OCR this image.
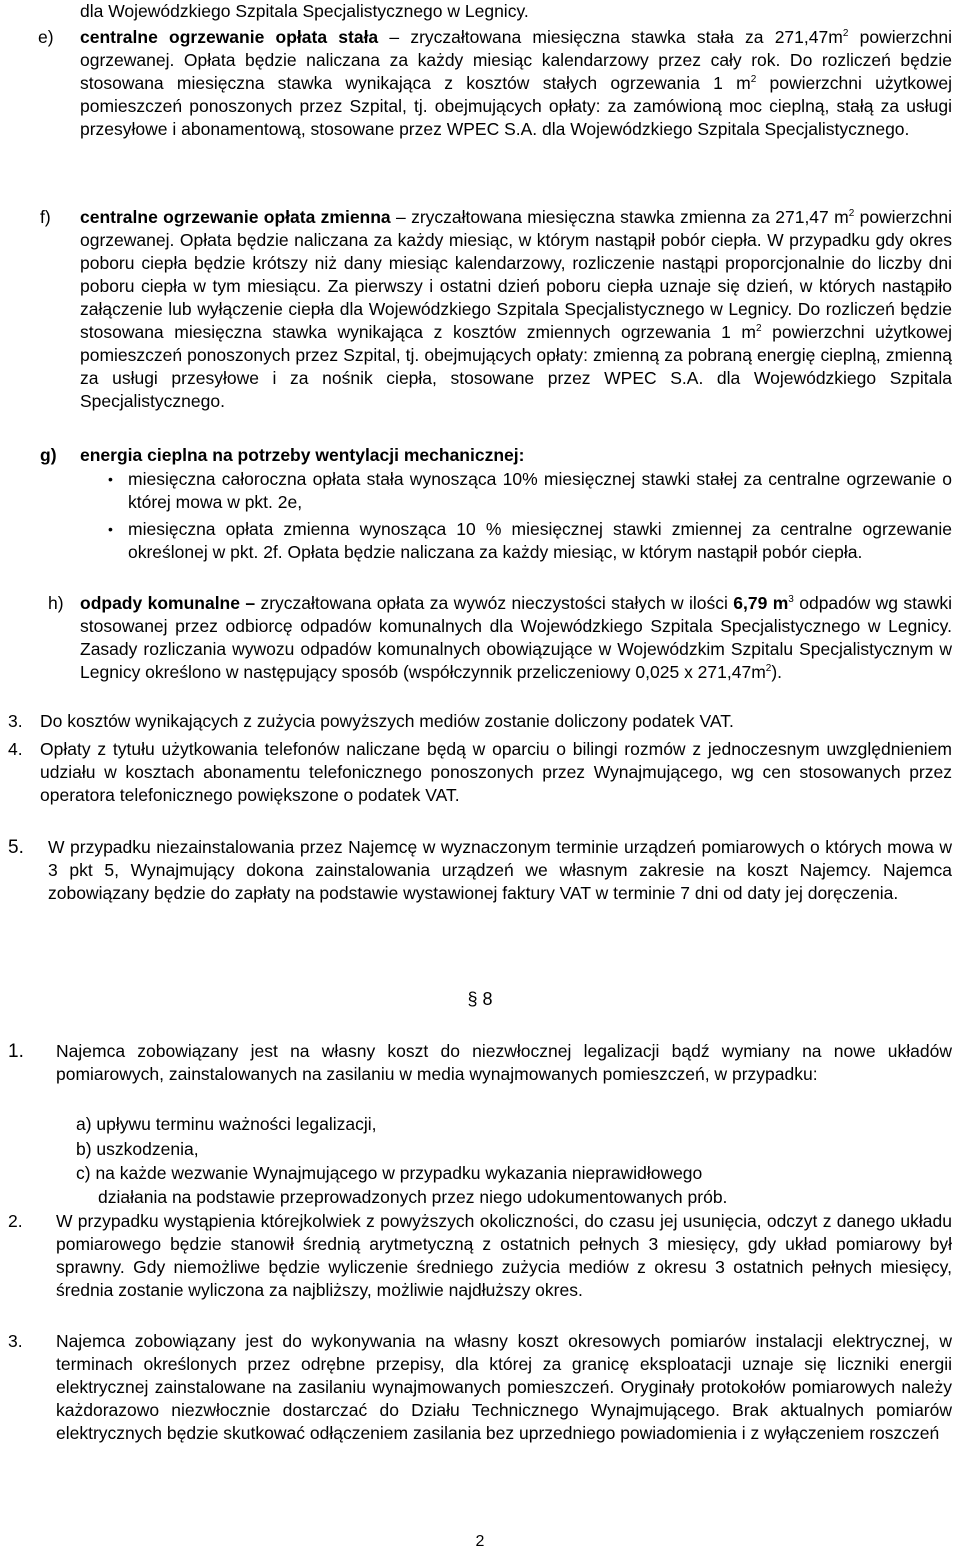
dla Wojewódzkiego Szpitala Specjalistycznego w Legnicy.

e) centralne ogrzewanie opłata stała – zryczałtowana miesięczna stawka stała za $271,47m^2$ powierzchni ogrzewanej. Opłata będzie naliczana za każdy miesiąc kalendarzowy przez cały rok. Do rozliczeń będzie stosowana miesięczna stawka wynikająca z kosztów stałych ogrzewania 1 $m^2$ powierzchni użytkowej pomieszczeń ponoszonych przez Szpital, tj. obejmujących opłaty: za zamówioną moc cieplną, stałą za usługi przesyłowe i abonamentową, stosowane przez WPEC S.A. dla Wojewódzkiego Szpitala Specjalistycznego.

f) centralne ogrzewanie opłata zmienna – zryczałtowana miesięczna stawka zmienna za 271,47 $m^2$ powierzchni ogrzewanej. Opłata będzie naliczana za każdy miesiąc, w którym nastąpił pobór ciepła. W przypadku gdy okres poboru ciepła będzie krótszy niż dany miesiąc kalendarzowy, rozliczenie nastąpi proporcjonalnie do liczby dni poboru ciepła w tym miesiącu. Za pierwszy i ostatni dzień poboru ciepła uznaje się dzień, w których nastąpiło załączenie lub wyłączenie ciepła dla Wojewódzkiego Szpitala Specjalistycznego w Legnicy. Do rozliczeń będzie stosowana miesięczna stawka wynikająca z kosztów zmiennych ogrzewania 1 $m^2$ powierzchni użytkowej pomieszczeń ponoszonych przez Szpital, tj. obejmujących opłaty: zmienną za pobraną energię cieplną, zmienną za usługi przesyłowe i za nośnik ciepła, stosowane przez WPEC S.A. dla Wojewódzkiego Szpitala Specjalistycznego.

g) energia cieplna na potrzeby wentylacji mechanicznej:

• miesięczna całoroczna opłata stała wynosząca 10% miesięcznej stawki stałej za centralne ogrzewanie o której mowa w pkt. 2e,

• miesięczna opłata zmienna wynosząca 10 % miesięcznej stawki zmiennej za centralne ogrzewanie określonej w pkt. 2f. Opłata będzie naliczana za każdy miesiąc, w którym nastąpił pobór ciepła.

h) odpady komunalne – zryczałtowana opłata za wywóz nieczystości stałych w ilości 6,79 $m^3$ odpadów wg stawki stosowanej przez odbiorcę odpadów komunalnych dla Wojewódzkiego Szpitala Specjalistycznego w Legnicy. Zasady rozliczania wywozu odpadów komunalnych obowiązujące w Wojewódzkim Szpitalu Specjalistycznym w Legnicy określono w następujący sposób (współczynnik przeliczeniowy 0,025 x $271,47m^2$).

3. Do kosztów wynikających z zużycia powyższych mediów zostanie doliczony podatek VAT.

4. Opłaty z tytułu użytkowania telefonów naliczane będą w oparciu o bilingi rozmów z jednoczesnym uwzględnieniem udziału w kosztach abonamentu telefonicznego ponoszonych przez Wynajmującego, wg cen stosowanych przez operatora telefonicznego powiększone o podatek VAT.

5. W przypadku niezainstalowania przez Najemcę w wyznaczonym terminie urządzeń pomiarowych o których mowa w 3 pkt 5, Wynajmujący dokona zainstalowania urządzeń we własnym zakresie na koszt Najemcy. Najemca zobowiązany będzie do zapłaty na podstawie wystawionej faktury VAT w terminie 7 dni od daty jej doręczenia.

§ 8
1. Najemca zobowiązany jest na własny koszt do niezwłocznej legalizacji bądź wymiany na nowe układów pomiarowych, zainstalowanych na zasilaniu w media wynajmowanych pomieszczeń, w przypadku:

a) upływu terminu ważności legalizacji,

b) uszkodzenia,

c) na każde wezwanie Wynajmującego w przypadku wykazania nieprawidłowego

działania na podstawie przeprowadzonych przez niego udokumentowanych prób.

2. W przypadku wystąpienia którejkolwiek z powyższych okoliczności, do czasu jej usunięcia, odczyt z danego układu pomiarowego będzie stanowił średnią arytmetyczną z ostatnich pełnych 3 miesięcy, gdy układ pomiarowy był sprawny. Gdy niemożliwe będzie wyliczenie średniego zużycia mediów z okresu 3 ostatnich pełnych miesięcy, średnia zostanie wyliczona za najbliższy, możliwie najdłuższy okres.

3. Najemca zobowiązany jest do wykonywania na własny koszt okresowych pomiarów instalacji elektrycznej, w terminach określonych przez odrębne przepisy, dla której za granicę eksploatacji uznaje się liczniki energii elektrycznej zainstalowane na zasilaniu wynajmowanych pomieszczeń. Oryginały protokołów pomiarowych należy każdorazowo niezwłocznie dostarczać do Działu Technicznego Wynajmującego. Brak aktualnych pomiarów elektrycznych będzie skutkować odłączeniem zasilania bez uprzedniego powiadomienia i z wyłączeniem roszczeń

2
